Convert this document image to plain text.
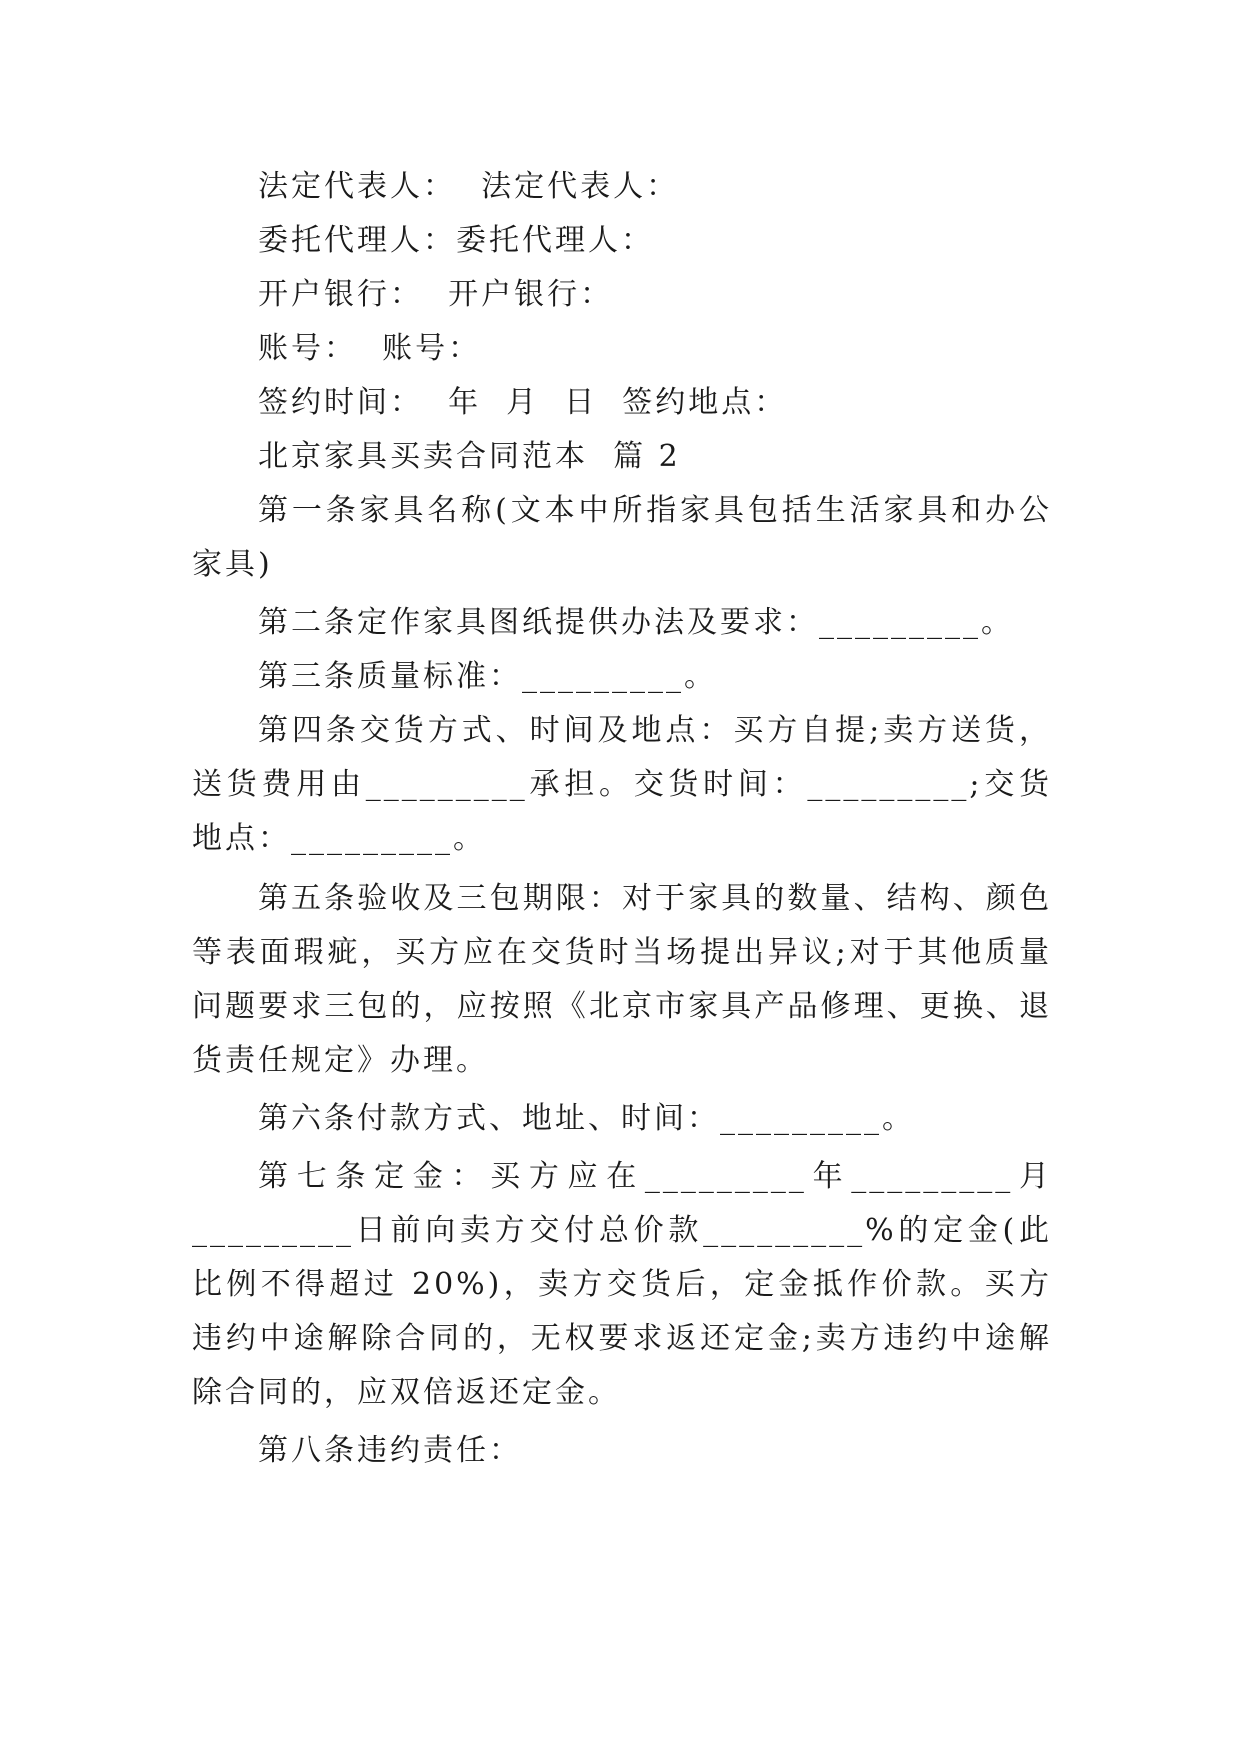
法定代表人：  法定代表人：

委托代理人：委托代理人：

开户银行：  开户银行：

账号：  账号：

签约时间：  年  月  日  签约地点：

北京家具买卖合同范本  篇 2

第一条家具名称(文本中所指家具包括生活家具和办公家具)

第二条定作家具图纸提供办法及要求：_________。

第三条质量标准：_________。

第四条交货方式、时间及地点：买方自提;卖方送货，送货费用由_________承担。交货时间：_________;交货地点：_________。

第五条验收及三包期限：对于家具的数量、结构、颜色等表面瑕疵，买方应在交货时当场提出异议;对于其他质量问题要求三包的，应按照《北京市家具产品修理、更换、退货责任规定》办理。

第六条付款方式、地址、时间：_________。

第七条定金：买方应在_________年_________月_________日前向卖方交付总价款_________%的定金(此比例不得超过 20%)，卖方交货后，定金抵作价款。买方违约中途解除合同的，无权要求返还定金;卖方违约中途解除合同的，应双倍返还定金。

第八条违约责任：
